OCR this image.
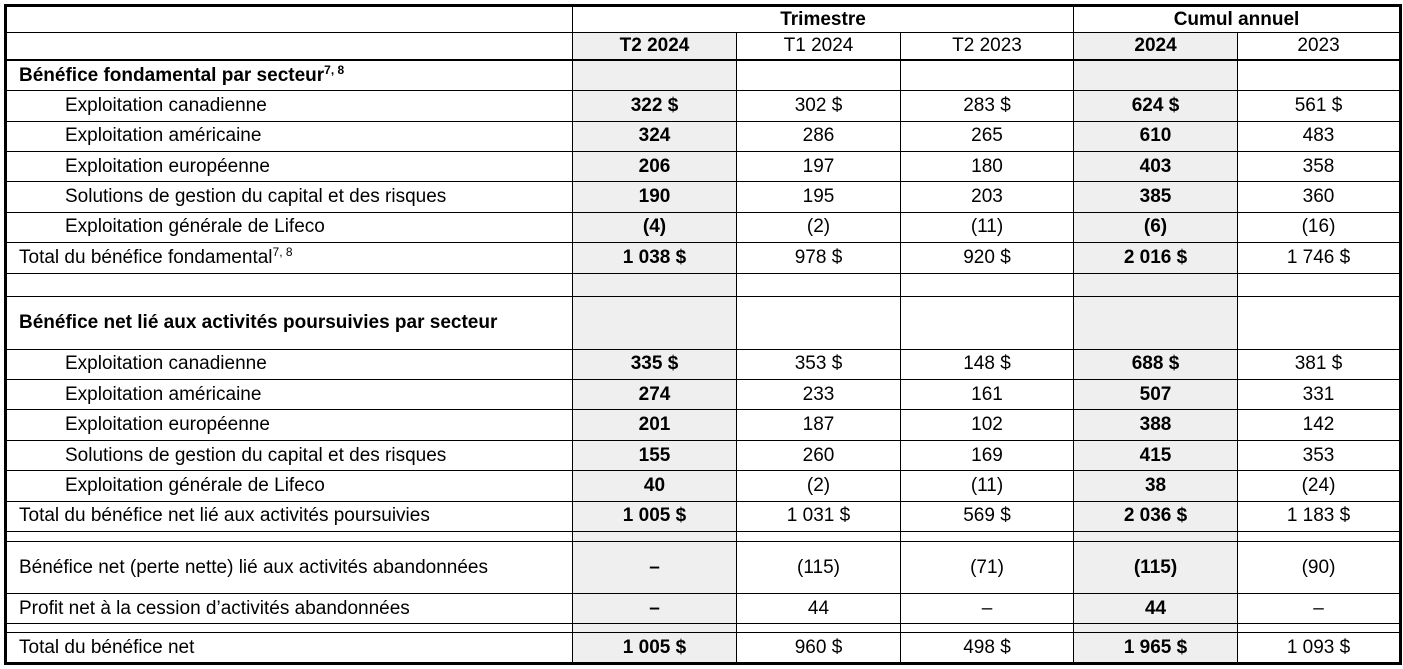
	Trimestre			Cumul annuel	
	T2 2024	T1 2024	T2 2023	2024	2023
Bénéfice fondamental par secteur$^{7, 8}$					
Exploitation canadienne	322 $	302 $	283 $	624 $	561 $
Exploitation américaine	324	286	265	610	483
Exploitation européenne	206	197	180	403	358
Solutions de gestion du capital et des risques	190	195	203	385	360
Exploitation générale de Lifeco	(4)	(2)	(11)	(6)	(16)
Total du bénéfice fondamental$^{7, 8}$	1 038 $	978 $	920 $	2 016 $	1 746 $

Bénéfice net lié aux activités poursuivies par secteur					
Exploitation canadienne	335 $	353 $	148 $	688 $	381 $
Exploitation américaine	274	233	161	507	331
Exploitation européenne	201	187	102	388	142
Solutions de gestion du capital et des risques	155	260	169	415	353
Exploitation générale de Lifeco	40	(2)	(11)	38	(24)
Total du bénéfice net lié aux activités poursuivies	1 005 $	1 031 $	569 $	2 036 $	1 183 $

Bénéfice net (perte nette) lié aux activités abandonnées	–	(115)	(71)	(115)	(90)
Profit net à la cession d’activités abandonnées	–	44	–	44	–

Total du bénéfice net	1 005 $	960 $	498 $	1 965 $	1 093 $
